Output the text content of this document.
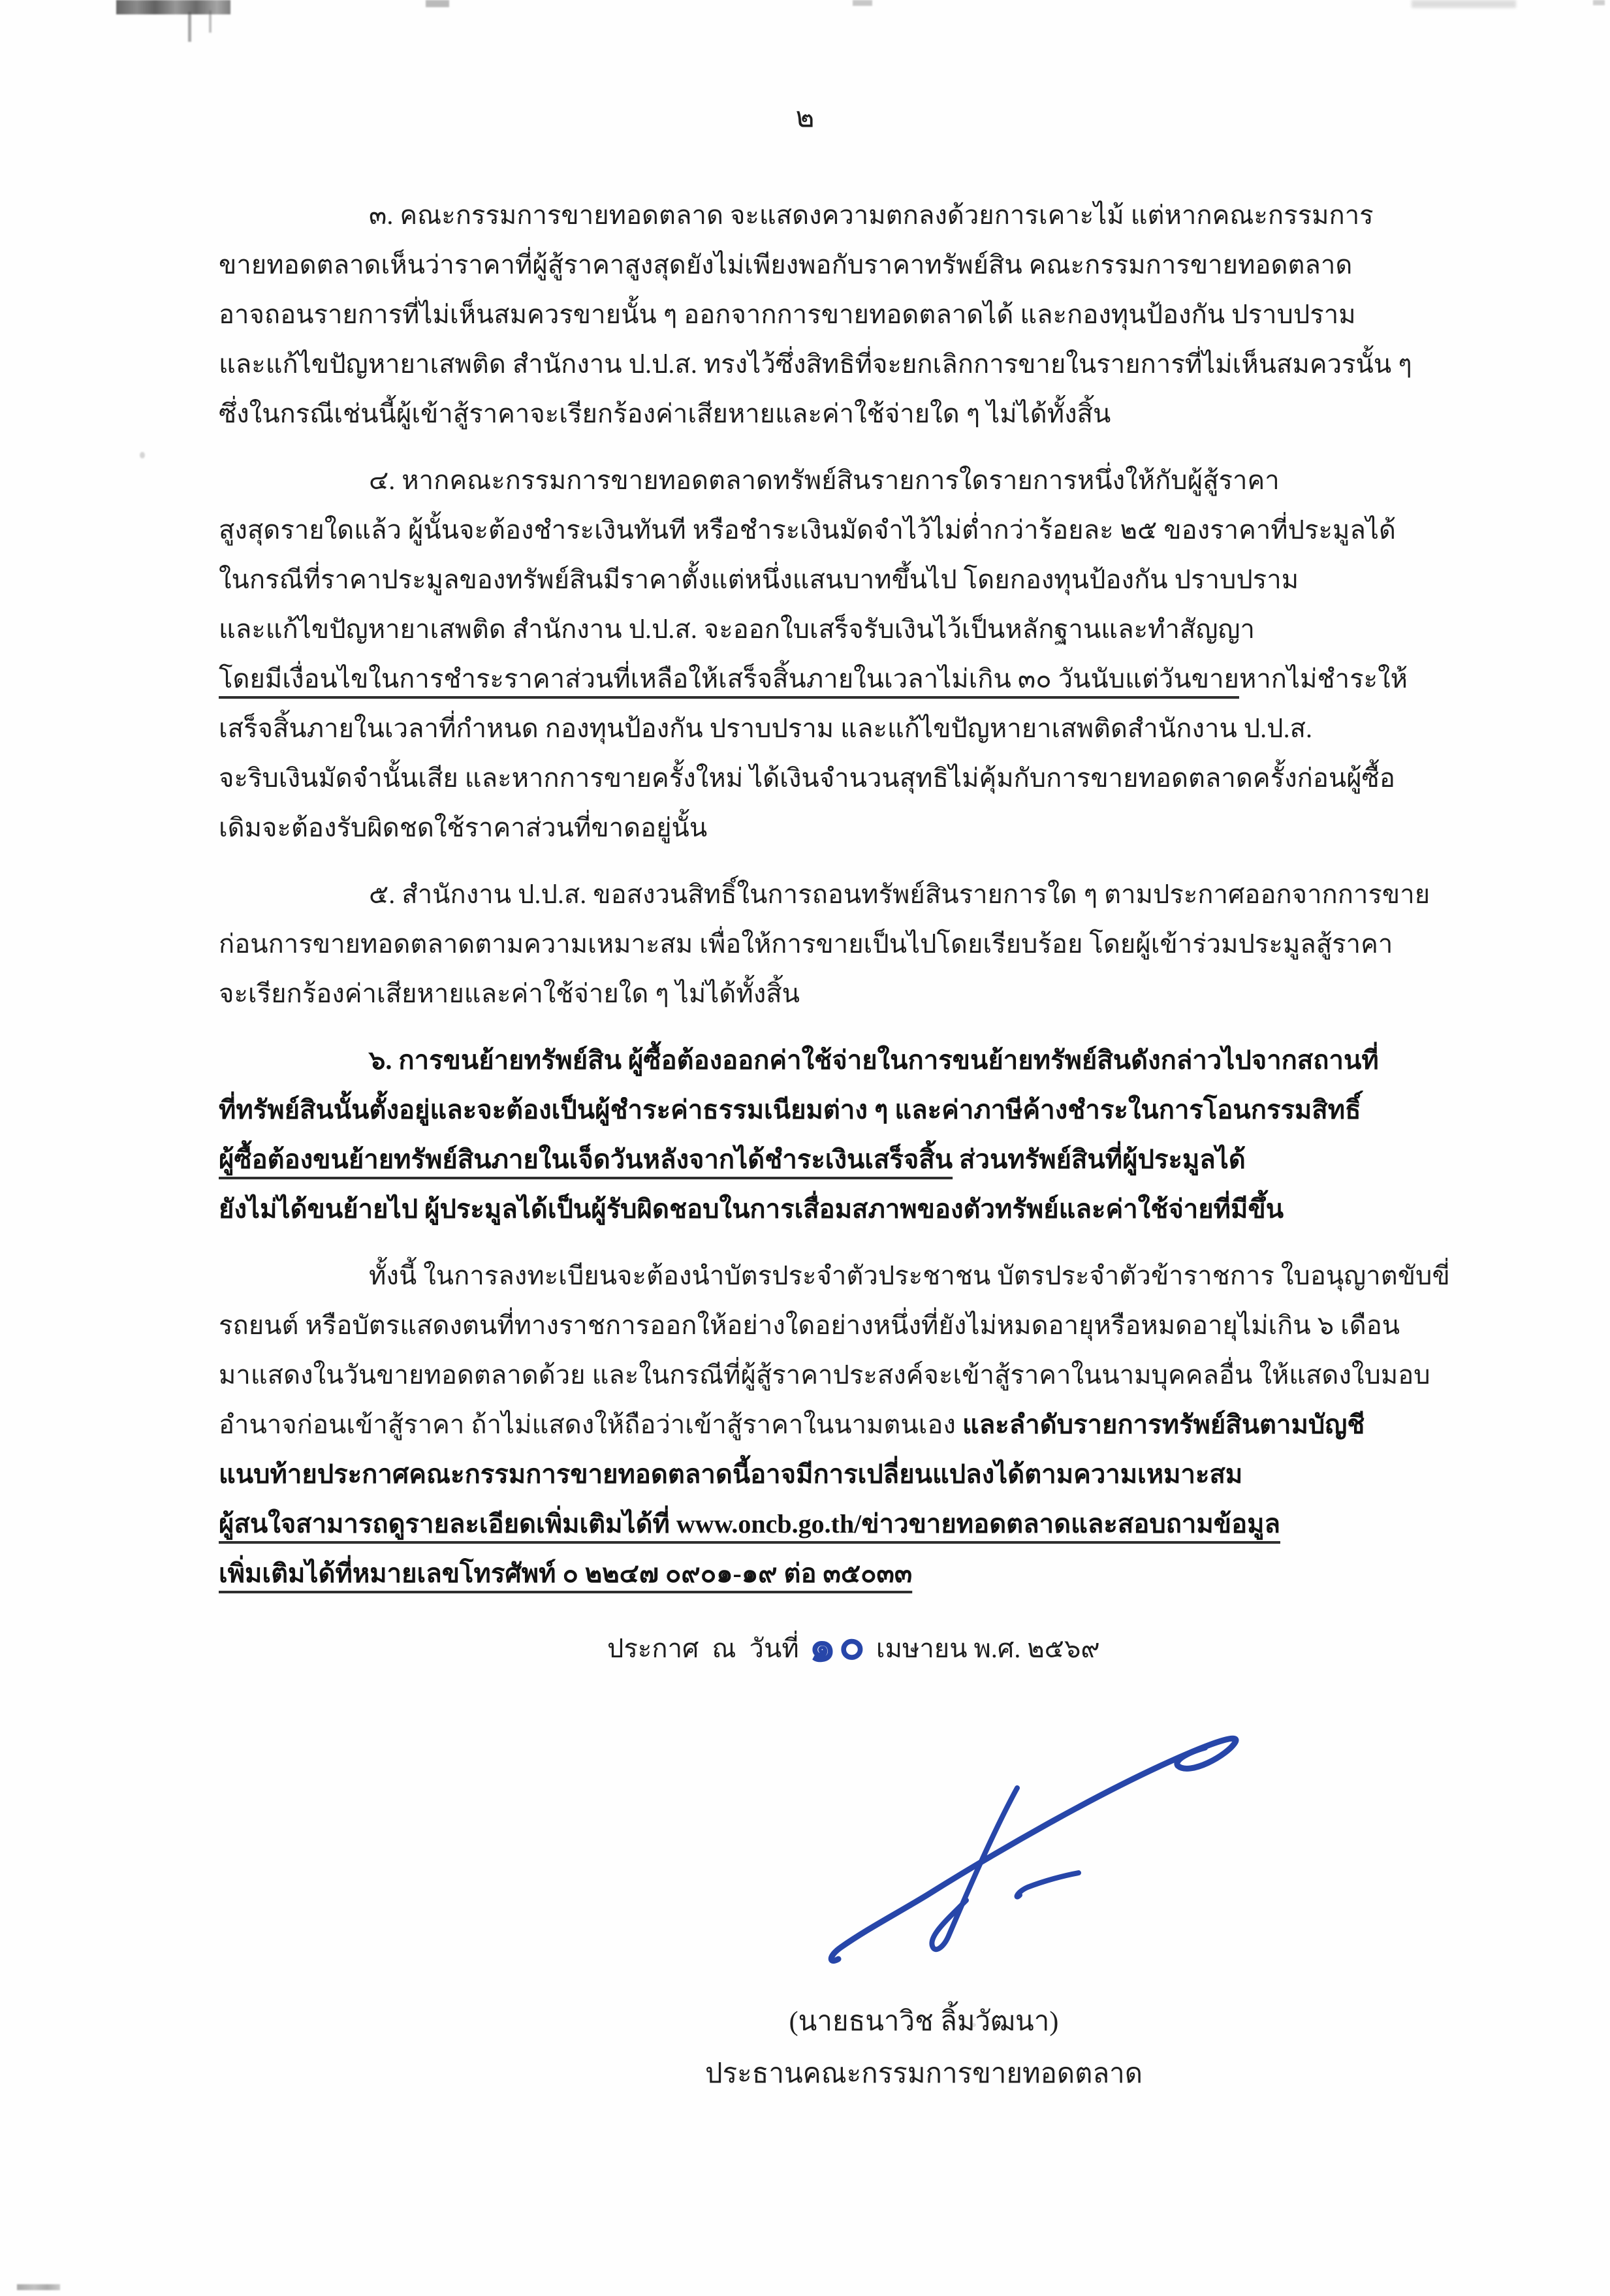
๒
๓. คณะกรรมการขายทอดตลาด จะแสดงความตกลงด้วยการเคาะไม้ แต่หากคณะกรรมการ
ขายทอดตลาดเห็นว่าราคาที่ผู้สู้ราคาสูงสุดยังไม่เพียงพอกับราคาทรัพย์สิน คณะกรรมการขายทอดตลาด
อาจถอนรายการที่ไม่เห็นสมควรขายนั้น ๆ ออกจากการขายทอดตลาดได้ และกองทุนป้องกัน ปราบปราม
และแก้ไขปัญหายาเสพติด สำนักงาน ป.ป.ส. ทรงไว้ซึ่งสิทธิที่จะยกเลิกการขายในรายการที่ไม่เห็นสมควรนั้น ๆ
ซึ่งในกรณีเช่นนี้ผู้เข้าสู้ราคาจะเรียกร้องค่าเสียหายและค่าใช้จ่ายใด ๆ ไม่ได้ทั้งสิ้น
๔. หากคณะกรรมการขายทอดตลาดทรัพย์สินรายการใดรายการหนึ่งให้กับผู้สู้ราคา
สูงสุดรายใดแล้ว ผู้นั้นจะต้องชำระเงินทันที หรือชำระเงินมัดจำไว้ไม่ต่ำกว่าร้อยละ ๒๕ ของราคาที่ประมูลได้
ในกรณีที่ราคาประมูลของทรัพย์สินมีราคาตั้งแต่หนึ่งแสนบาทขึ้นไป โดยกองทุนป้องกัน ปราบปราม
และแก้ไขปัญหายาเสพติด สำนักงาน ป.ป.ส. จะออกใบเสร็จรับเงินไว้เป็นหลักฐานและทำสัญญา
โดยมีเงื่อนไขในการชำระราคาส่วนที่เหลือให้เสร็จสิ้นภายในเวลาไม่เกิน ๓๐ วันนับแต่วันขายหากไม่ชำระให้
เสร็จสิ้นภายในเวลาที่กำหนด กองทุนป้องกัน ปราบปราม และแก้ไขปัญหายาเสพติดสำนักงาน ป.ป.ส.
จะริบเงินมัดจำนั้นเสีย และหากการขายครั้งใหม่ ได้เงินจำนวนสุทธิไม่คุ้มกับการขายทอดตลาดครั้งก่อนผู้ซื้อ
เดิมจะต้องรับผิดชดใช้ราคาส่วนที่ขาดอยู่นั้น
๕. สำนักงาน ป.ป.ส. ขอสงวนสิทธิ์ในการถอนทรัพย์สินรายการใด ๆ ตามประกาศออกจากการขาย
ก่อนการขายทอดตลาดตามความเหมาะสม เพื่อให้การขายเป็นไปโดยเรียบร้อย โดยผู้เข้าร่วมประมูลสู้ราคา
จะเรียกร้องค่าเสียหายและค่าใช้จ่ายใด ๆ ไม่ได้ทั้งสิ้น
๖. การขนย้ายทรัพย์สิน ผู้ซื้อต้องออกค่าใช้จ่ายในการขนย้ายทรัพย์สินดังกล่าวไปจากสถานที่
ที่ทรัพย์สินนั้นตั้งอยู่และจะต้องเป็นผู้ชำระค่าธรรมเนียมต่าง ๆ และค่าภาษีค้างชำระในการโอนกรรมสิทธิ์
ผู้ซื้อต้องขนย้ายทรัพย์สินภายในเจ็ดวันหลังจากได้ชำระเงินเสร็จสิ้น ส่วนทรัพย์สินที่ผู้ประมูลได้
ยังไม่ได้ขนย้ายไป ผู้ประมูลได้เป็นผู้รับผิดชอบในการเสื่อมสภาพของตัวทรัพย์และค่าใช้จ่ายที่มีขึ้น
ทั้งนี้ ในการลงทะเบียนจะต้องนำบัตรประจำตัวประชาชน บัตรประจำตัวข้าราชการ ใบอนุญาตขับขี่
รถยนต์ หรือบัตรแสดงตนที่ทางราชการออกให้อย่างใดอย่างหนึ่งที่ยังไม่หมดอายุหรือหมดอายุไม่เกิน ๖ เดือน
มาแสดงในวันขายทอดตลาดด้วย และในกรณีที่ผู้สู้ราคาประสงค์จะเข้าสู้ราคาในนามบุคคลอื่น ให้แสดงใบมอบ
อำนาจก่อนเข้าสู้ราคา ถ้าไม่แสดงให้ถือว่าเข้าสู้ราคาในนามตนเอง และลำดับรายการทรัพย์สินตามบัญชี
แนบท้ายประกาศคณะกรรมการขายทอดตลาดนี้อาจมีการเปลี่ยนแปลงได้ตามความเหมาะสม
ผู้สนใจสามารถดูรายละเอียดเพิ่มเติมได้ที่ www.oncb.go.th/ข่าวขายทอดตลาดและสอบถามข้อมูล
เพิ่มเติมได้ที่หมายเลขโทรศัพท์ ๐ ๒๒๔๗ ๐๙๐๑-๑๙ ต่อ ๓๕๐๓๓
ประกาศ  ณ  วันที่ ๑๐ เมษายน พ.ศ. ๒๕๖๙
(นายธนาวิช ลิ้มวัฒนา)
ประธานคณะกรรมการขายทอดตลาด
